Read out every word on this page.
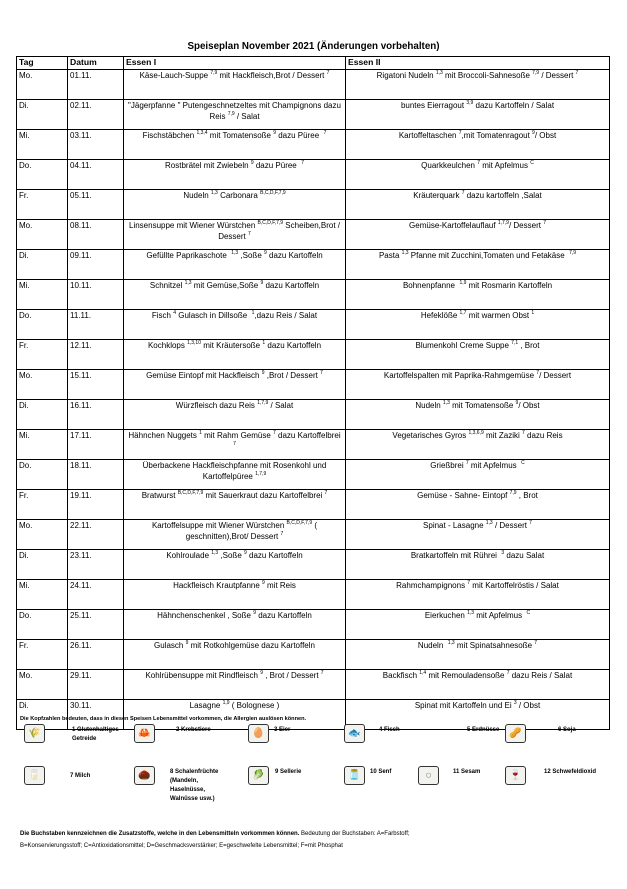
Speiseplan November 2021 (Änderungen vorbehalten)
Tag	Datum	Essen I	Essen II
Mo.	01.11.	Käse-Lauch-Suppe $^{7,9}$ mit Hackfleisch,Brot / Dessert $^7$	Rigatoni Nudeln $^{1,3}$ mit Broccoli-Sahnesoße $^{7,9}$ / Dessert $^7$
Di.	02.11.	"Jägerpfanne " Putengeschnetzeltes mit Champignons dazu Reis $^{7,9}$ / Salat	buntes Eierragout $^{3,9}$ dazu Kartoffeln / Salat
Mi.	03.11.	Fischstäbchen $^{1,3,4}$ mit Tomatensoße $^9$ dazu Püree  $^7$	Kartoffeltaschen $^7$,mit Tomatenragout $^9$/ Obst
Do.	04.11.	Rostbrätel mit Zwiebeln $^9$ dazu Püree  $^7$	Quarkkeulchen $^7$ mit Apfelmus $^C$
Fr.	05.11.	Nudeln $^{1,3}$ Carbonara $^{B,C,D,F,7,9}$	Kräuterquark $^7$ dazu kartoffeln ,Salat
Mo.	08.11.	Linsensuppe mit Wiener Würstchen $^{B,C,D,F,7,9}$ Scheiben,Brot / Dessert $^7$	Gemüse-Kartoffelauflauf $^{1,7,9}$/ Dessert $^7$
Di.	09.11.	Gefüllte Paprikaschote  $^{1,3}$ ,Soße $^9$ dazu Kartoffeln	Pasta $^{1,3}$ Pfanne mit Zucchini,Tomaten und Fetakäse  $^{7,9}$
Mi.	10.11.	Schnitzel $^{1,3}$ mit Gemüse,Soße $^9$ dazu Kartoffeln	Bohnenpfanne  $^{1,9}$ mit Rosmarin Kartoffeln
Do.	11.11.	Fisch $^4$ Gulasch in Dillsoße  $^1$,dazu Reis / Salat	Hefeklöße $^{1,7}$ mit warmen Obst $^1$
Fr.	12.11.	Kochklops $^{1,3,10}$ mit Kräutersoße $^1$ dazu Kartoffeln	Blumenkohl Creme Suppe $^{7,1}$ , Brot
Mo.	15.11.	Gemüse Eintopf mit Hackfleisch $^9$ ,Brot / Dessert $^7$	Kartoffelspalten mit Paprika-Rahmgemüse $^7$/ Dessert
Di.	16.11.	Würzfleisch dazu Reis $^{1,7,9}$ / Salat	Nudeln $^{1,3}$ mit Tomatensoße $^9$/ Obst
Mi.	17.11.	Hähnchen Nuggets $^1$ mit Rahm Gemüse $^7$ dazu Kartoffelbrei $^7$	Vegetarisches Gyros $^{1,3,6,9}$ mit Zaziki $^7$ dazu Reis
Do.	18.11.	Überbackene Hackfleischpfanne mit Rosenkohl und Kartoffelpüree $^{1,7,9}$	Grießbrei $^7$ mit Apfelmus  $^C$
Fr.	19.11.	Bratwurst $^{B,C,D,F,7,9}$ mit Sauerkraut dazu Kartoffelbrei $^7$	Gemüse - Sahne- Eintopf $^{7,9}$ , Brot
Mo.	22.11.	Kartoffelsuppe mit Wiener Würstchen $^{B,C,D,F,7,9}$ ( geschnitten),Brot/ Dessert $^7$	Spinat - Lasagne $^{1,3}$ / Dessert $^7$
Di.	23.11.	Kohlroulade $^{1,3}$ ,Soße $^9$ dazu Kartoffeln	Bratkartoffeln mit Rührei  $^3$ dazu Salat
Mi.	24.11.	Hackfleisch Krautpfanne $^9$ mit Reis	Rahmchampignons $^7$ mit Kartoffelröstis / Salat
Do.	25.11.	Hähnchenschenkel , Soße $^9$ dazu Kartoffeln	Eierkuchen $^{1,3}$ mit Apfelmus  $^C$
Fr.	26.11.	Gulasch $^9$ mit Rotkohlgemüse dazu Kartoffeln	Nudeln  $^{1,3}$ mit Spinatsahnesoße $^7$
Mo.	29.11.	Kohlrübensuppe mit Rindfleisch $^9$ , Brot / Dessert $^7$	Backfisch $^{1,4}$ mit Remouladensoße $^7$ dazu Reis / Salat
Di.	30.11.	Lasagne $^{1,9}$ ( Bolognese )	Spinat mit Kartoffeln und Ei $^3$ / Obst
Die Kopfzahlen bedeuten, dass in diesen Speisen Lebensmittel vorkommen, die Allergien auslösen können.
🌾	1 Glutenhaltiges
Getreide
🦀	2 Krebstiere	🥚	3 Eier	🐟	4 Fisch	🥜
5 Erdnüsse	6 Soja
🥛	7 Milch	🌰	8 Schalenfrüchte
(Mandeln,
Haselnüsse,
Walnüsse usw.)
🥬	9 Sellerie	🫙	10 Senf	◌	11 Sesam	🍷	12 Schwefeldioxid
Die Buchstaben kennzeichnen die Zusatzstoffe, welche in den Lebensmitteln vorkommen können. Bedeutung der Buchstaben: A=Farbstoff;
B=Konservierungsstoff; C=Antioxidationsmittel; D=Geschmacksverstärker; E=geschwefelte Lebensmittel; F=mit Phosphat
